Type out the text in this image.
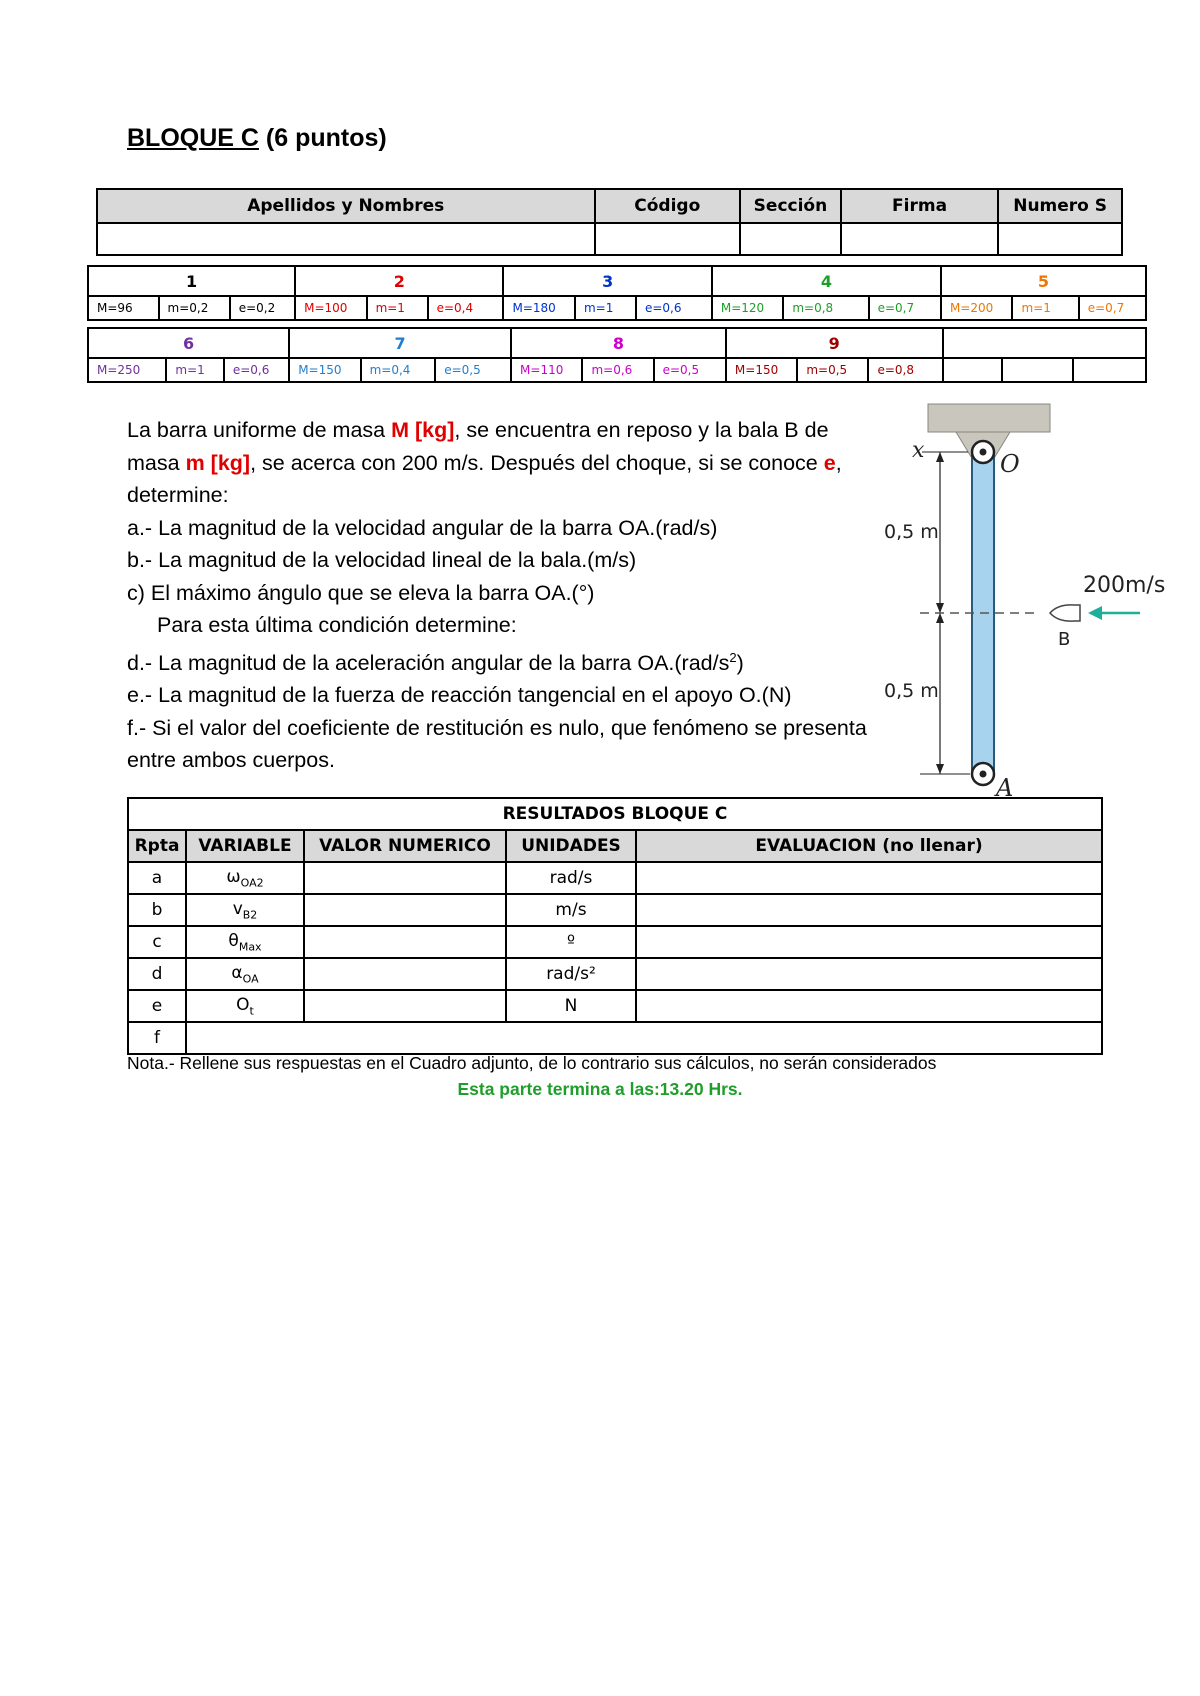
BLOQUE C (6 puntos)
Apellidos y Nombres	Código	Sección	Firma	Numero S

1			2			3			4			5		
M=96	m=0,2	e=0,2	M=100	m=1	e=0,4	M=180	m=1	e=0,6	M=120	m=0,8	e=0,7	M=200	m=1	e=0,7
6			7			8			9					
M=250	m=1	e=0,6	M=150	m=0,4	e=0,5	M=110	m=0,6	e=0,5	M=150	m=0,5	e=0,8			

La barra uniforme de masa M [kg], se encuentra en reposo y la bala B de masa m [kg], se acerca con 200 m/s. Después del choque, si se conoce e, determine:

a.- La magnitud de la velocidad angular de la barra OA.(rad/s)

b.- La magnitud de la velocidad lineal de la bala.(m/s)

c) El máximo ángulo que se eleva la barra OA.(°)

Para esta última condición determine:

d.- La magnitud de la aceleración angular de la barra $OA.(rad/s^2)$

e.- La magnitud de la fuerza de reacción tangencial en el apoyo O.(N)

f.- Si el valor del coeficiente de restitución es nulo, que fenómeno se presenta entre ambos cuerpos.

x	O
A
B
0,5 m
0,5 m
200m/s
RESULTADOS BLOQUE C				
Rpta	VARIABLE	VALOR NUMERICO	UNIDADES	EVALUACION (no llenar)
a	$\omega_{OA2}$		rad/s	
b	$v_{B2}$		m/s	
c	$\theta_{Max}$		º	
d	$\alpha_{OA}$		rad/s²	
e	$O_t$		N	
f				
Nota.- Rellene sus respuestas en el Cuadro adjunto, de lo contrario sus cálculos, no serán considerados
Esta parte termina a las:13.20 Hrs.
